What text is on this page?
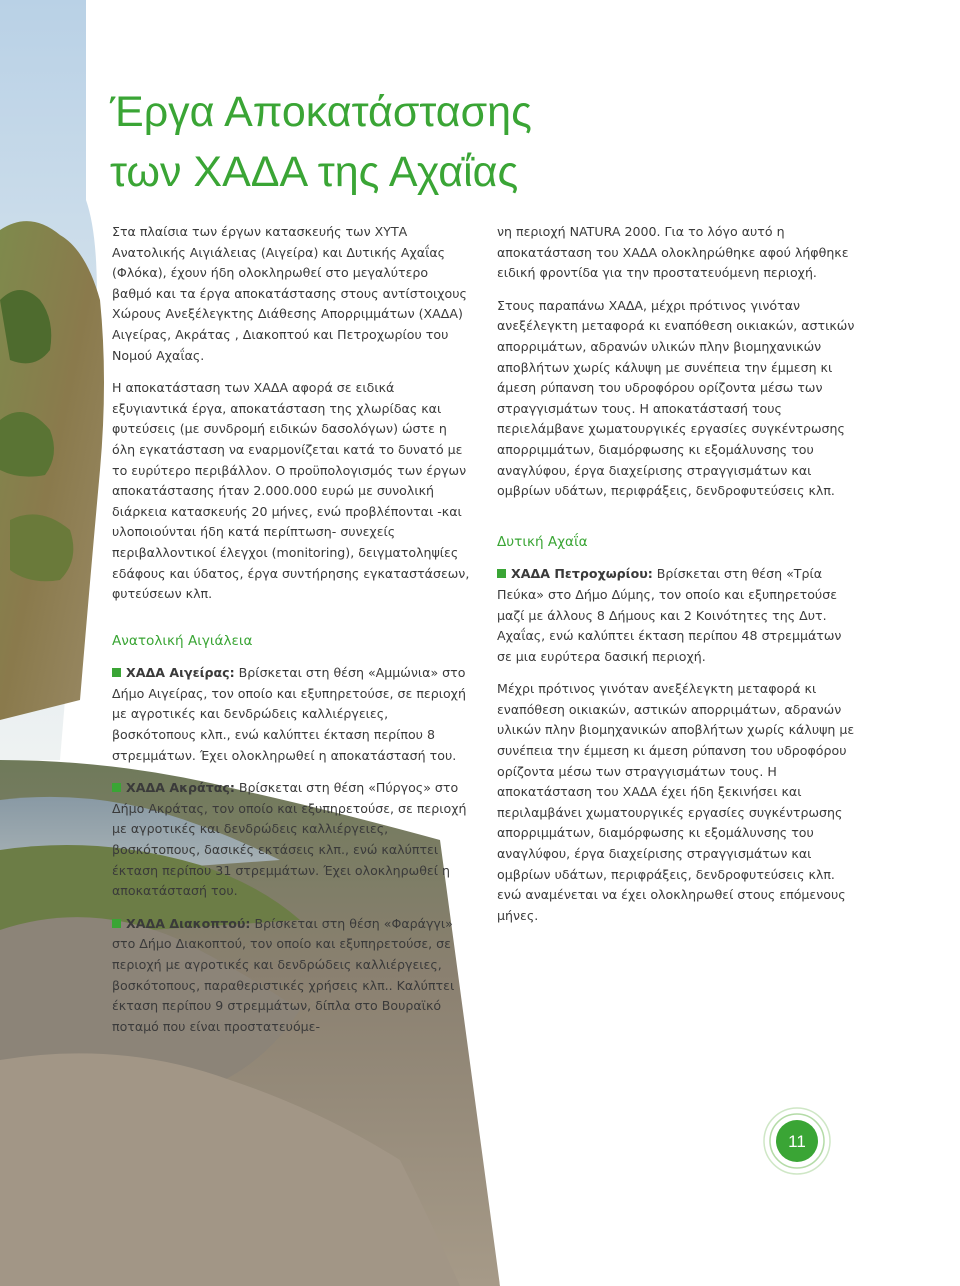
Έργα Αποκατάστασης
των ΧΑΔΑ της Αχαΐας

Στα πλαίσια των έργων κατασκευής των ΧΥΤΑ Ανατολικής Αιγιάλειας (Αιγείρα) και Δυτικής Αχαΐας (Φλόκα), έχουν ήδη ολοκληρωθεί στο μεγαλύτερο βαθμό και τα έργα αποκατάστασης στους αντίστοιχους Χώρους Ανεξέλεγκτης Διάθεσης Απορριμμάτων (ΧΑΔΑ) Αιγείρας, Ακράτας , Διακοπτού και Πετροχωρίου του Νομού Αχαΐας.

Η αποκατάσταση των ΧΑΔΑ αφορά σε ειδικά εξυγιαντικά έργα, αποκατάσταση της χλωρίδας και φυτεύσεις (με συνδρομή ειδικών δασολόγων) ώστε η όλη εγκατάσταση να εναρμονίζεται κατά το δυνατό με το ευρύτερο περιβάλλον. Ο προϋπολογισμός των έργων αποκατάστασης ήταν 2.000.000 ευρώ με συνολική διάρκεια κατασκευής 20 μήνες, ενώ προβλέπονται -και υλοποιούνται ήδη κατά περίπτωση- συνεχείς περιβαλλοντικοί έλεγχοι (monitoring), δειγματοληψίες εδάφους και ύδατος, έργα συντήρησης εγκαταστάσεων, φυτεύσεων κλπ.

Ανατολική Αιγιάλεια

ΧΑΔΑ Αιγείρας: Βρίσκεται στη θέση «Αμμώνια» στο Δήμο Αιγείρας, τον οποίο και εξυπηρετούσε, σε περιοχή με αγροτικές και δενδρώδεις καλλιέργειες, βοσκότοπους κλπ., ενώ καλύπτει έκταση περίπου 8 στρεμμάτων. Έχει ολοκληρωθεί η αποκατάστασή του.

ΧΑΔΑ Ακράτας: Βρίσκεται στη θέση «Πύργος» στο Δήμο Ακράτας, τον οποίο και εξυπηρετούσε, σε περιοχή με αγροτικές και δενδρώδεις καλλιέργειες, βοσκότοπους, δασικές εκτάσεις κλπ., ενώ καλύπτει έκταση περίπου 31 στρεμμάτων. Έχει ολοκληρωθεί η αποκατάστασή του.

ΧΑΔΑ Διακοπτού: Βρίσκεται στη θέση «Φαράγγι» στο Δήμο Διακοπτού, τον οποίο και εξυπηρετούσε, σε περιοχή με αγροτικές και δενδρώδεις καλλιέργειες, βοσκότοπους, παραθεριστικές χρήσεις κλπ.. Καλύπτει έκταση περίπου 9 στρεμμάτων, δίπλα στο Βουραϊκό ποταμό που είναι προστατευόμε-

νη περιοχή NATURA 2000. Για το λόγο αυτό η αποκατάσταση του ΧΑΔΑ ολοκληρώθηκε αφού λήφθηκε ειδική φροντίδα για την προστατευόμενη περιοχή.

Στους παραπάνω ΧΑΔΑ, μέχρι πρότινος γινόταν ανεξέλεγκτη μεταφορά κι εναπόθεση οικιακών, αστικών απορριμάτων, αδρανών υλικών πλην βιομηχανικών αποβλήτων χωρίς κάλυψη με συνέπεια την έμμεση κι άμεση ρύπανση του υδροφόρου ορίζοντα μέσω των στραγγισμάτων τους. Η αποκατάστασή τους περιελάμβανε χωματουργικές εργασίες συγκέντρωσης απορριμμάτων, διαμόρφωσης κι εξομάλυνσης του αναγλύφου, έργα διαχείρισης στραγγισμάτων και ομβρίων υδάτων, περιφράξεις, δενδροφυτεύσεις κλπ.

Δυτική Αχαΐα

ΧΑΔΑ Πετροχωρίου: Βρίσκεται στη θέση «Τρία Πεύκα» στο Δήμο Δύμης, τον οποίο και εξυπηρετούσε μαζί με άλλους 8 Δήμους και 2 Κοινότητες της Δυτ. Αχαΐας, ενώ καλύπτει έκταση περίπου 48 στρεμμάτων σε μια ευρύτερα δασική περιοχή.

Μέχρι πρότινος γινόταν ανεξέλεγκτη μεταφορά κι εναπόθεση οικιακών, αστικών απορριμάτων, αδρανών υλικών πλην βιομηχανικών αποβλήτων χωρίς κάλυψη με συνέπεια την έμμεση κι άμεση ρύπανση του υδροφόρου ορίζοντα μέσω των στραγγισμάτων τους. Η αποκατάσταση του ΧΑΔΑ έχει ήδη ξεκινήσει και περιλαμβάνει χωματουργικές εργασίες συγκέντρωσης απορριμμάτων, διαμόρφωσης κι εξομάλυνσης του αναγλύφου, έργα διαχείρισης στραγγισμάτων και ομβρίων υδάτων, περιφράξεις, δενδροφυτεύσεις κλπ. ενώ αναμένεται να έχει ολοκληρωθεί στους επόμενους μήνες.

11
